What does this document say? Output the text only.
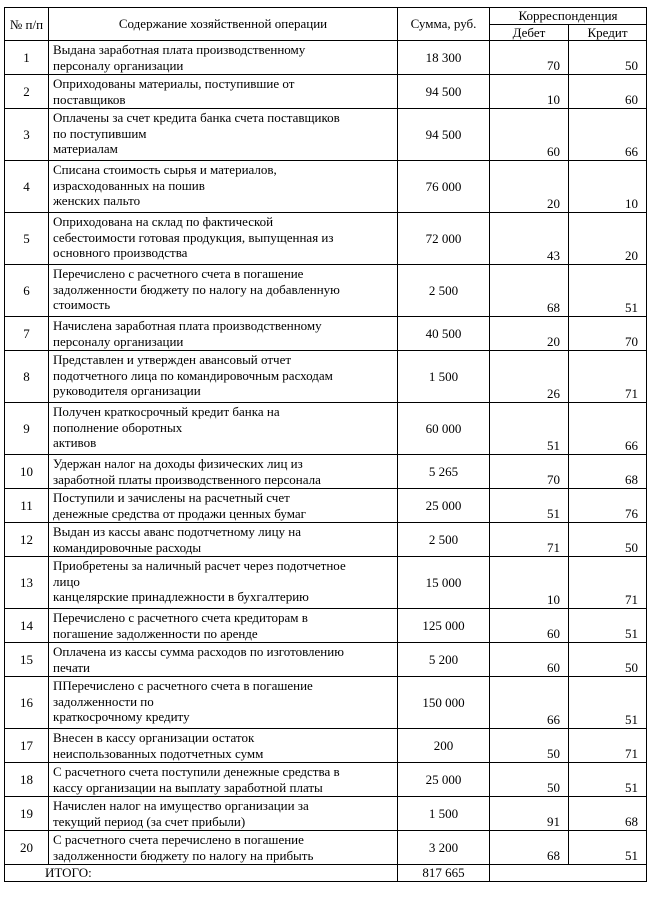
№ п/п	Содержание хозяйственной операции	Сумма, руб.	Корреспонденция	
			Дебет	Кредит
1	Выдана заработная плата производственному
персоналу организации	18 300	70	50
2	Оприходованы материалы, поступившие от
поставщиков	94 500	10	60
3	Оплачены за счет кредита банка счета поставщиков
по поступившим
материалам	94 500	60	66
4	Списана стоимость сырья и материалов,
израсходованных на пошив
женских пальто	76 000	20	10
5	Оприходована на склад по фактической
себестоимости готовая продукция, выпущенная из
основного производства	72 000	43	20
6	Перечислено с расчетного счета в погашение
задолженности бюджету по налогу на добавленную
стоимость	2 500	68	51
7	Начислена заработная плата производственному
персоналу организации	40 500	20	70
8	Представлен и утвержден авансовый отчет
подотчетного лица по командировочным расходам
руководителя организации	1 500	26	71
9	Получен краткосрочный кредит банка на
пополнение оборотных
активов	60 000	51	66
10	Удержан налог на доходы физических лиц из
заработной платы производственного персонала	5 265	70	68
11	Поступили и зачислены на расчетный счет
денежные средства от продажи ценных бумаг	25 000	51	76
12	Выдан из кассы аванс подотчетному лицу на
командировочные расходы	2 500	71	50
13	Приобретены за наличный расчет через подотчетное
лицо
канцелярские принадлежности в бухгалтерию	15 000	10	71
14	Перечислено с расчетного счета кредиторам в
погашение задолженности по аренде	125 000	60	51
15	Оплачена из кассы сумма расходов по изготовлению
печати	5 200	60	50
16	ППеречислено с расчетного счета в погашение
задолженности по
краткосрочному кредиту	150 000	66	51
17	Внесен в кассу организации остаток
неиспользованных подотчетных сумм	200	50	71
18	С расчетного счета поступили денежные средства в
кассу организации на выплату заработной платы	25 000	50	51
19	Начислен налог на имущество организации за
текущий период (за счет прибыли)	1 500	91	68
20	С расчетного счета перечислено в погашение
задолженности бюджету по налогу на прибыть	3 200	68	51
ИТОГО:		817 665		
